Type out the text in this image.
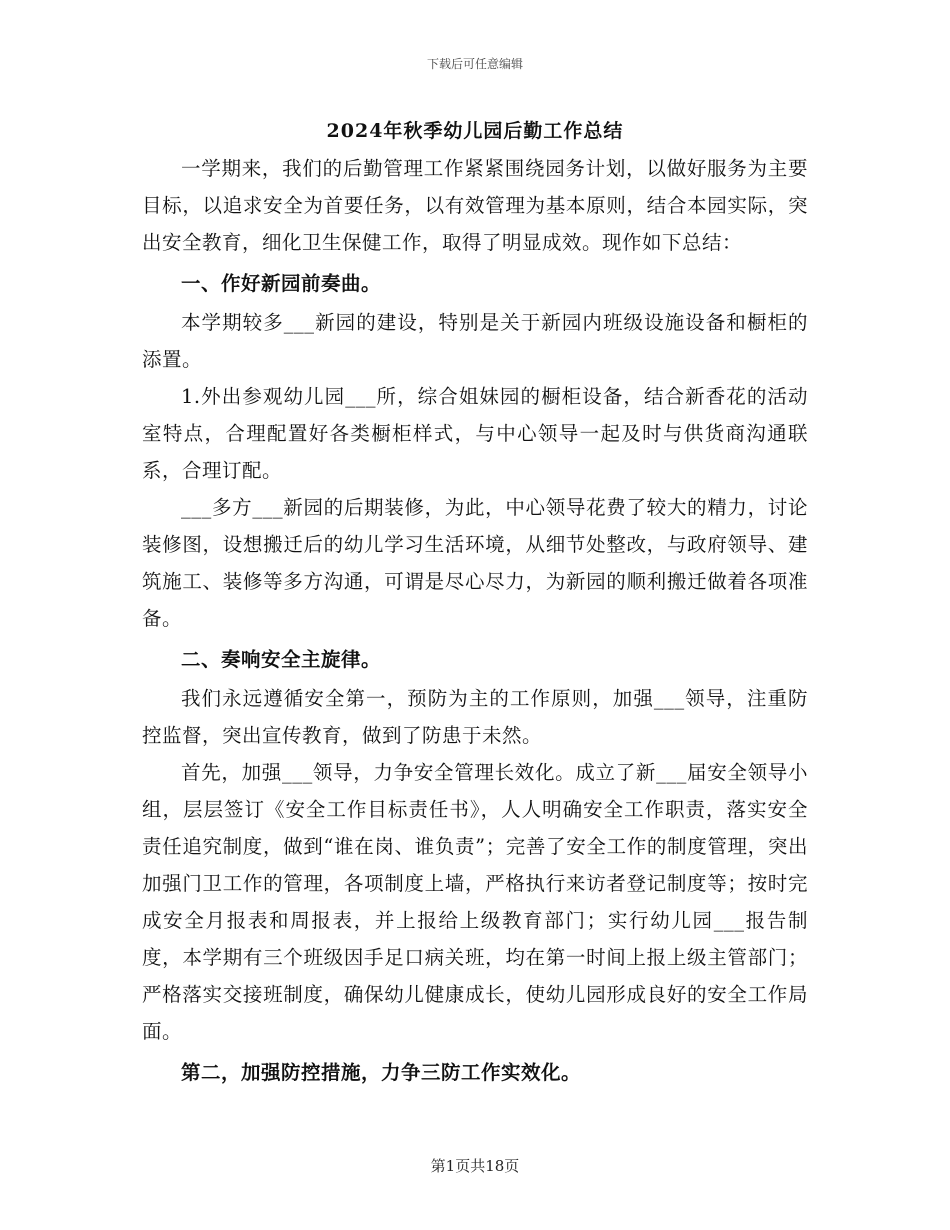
下载后可任意编辑
2024年秋季幼儿园后勤工作总结

一学期来，我们的后勤管理工作紧紧围绕园务计划，以做好服务为主要目标，以追求安全为首要任务，以有效管理为基本原则，结合本园实际，突出安全教育，细化卫生保健工作，取得了明显成效。现作如下总结：

一、作好新园前奏曲。

本学期较多___新园的建设，特别是关于新园内班级设施设备和橱柜的添置。

1.外出参观幼儿园___所，综合姐妹园的橱柜设备，结合新香花的活动室特点，合理配置好各类橱柜样式，与中心领导一起及时与供货商沟通联系，合理订配。

___多方___新园的后期装修，为此，中心领导花费了较大的精力，讨论装修图，设想搬迁后的幼儿学习生活环境，从细节处整改，与政府领导、建筑施工、装修等多方沟通，可谓是尽心尽力，为新园的顺利搬迁做着各项准备。

二、奏响安全主旋律。

我们永远遵循安全第一，预防为主的工作原则，加强___领导，注重防控监督，突出宣传教育，做到了防患于未然。

首先，加强___领导，力争安全管理长效化。成立了新___届安全领导小组，层层签订《安全工作目标责任书》，人人明确安全工作职责，落实安全责任追究制度，做到“谁在岗、谁负责”；完善了安全工作的制度管理，突出加强门卫工作的管理，各项制度上墙，严格执行来访者登记制度等；按时完成安全月报表和周报表，并上报给上级教育部门；实行幼儿园___报告制度，本学期有三个班级因手足口病关班，均在第一时间上报上级主管部门；严格落实交接班制度，确保幼儿健康成长，使幼儿园形成良好的安全工作局面。

第二，加强防控措施，力争三防工作实效化。

第1页共18页
